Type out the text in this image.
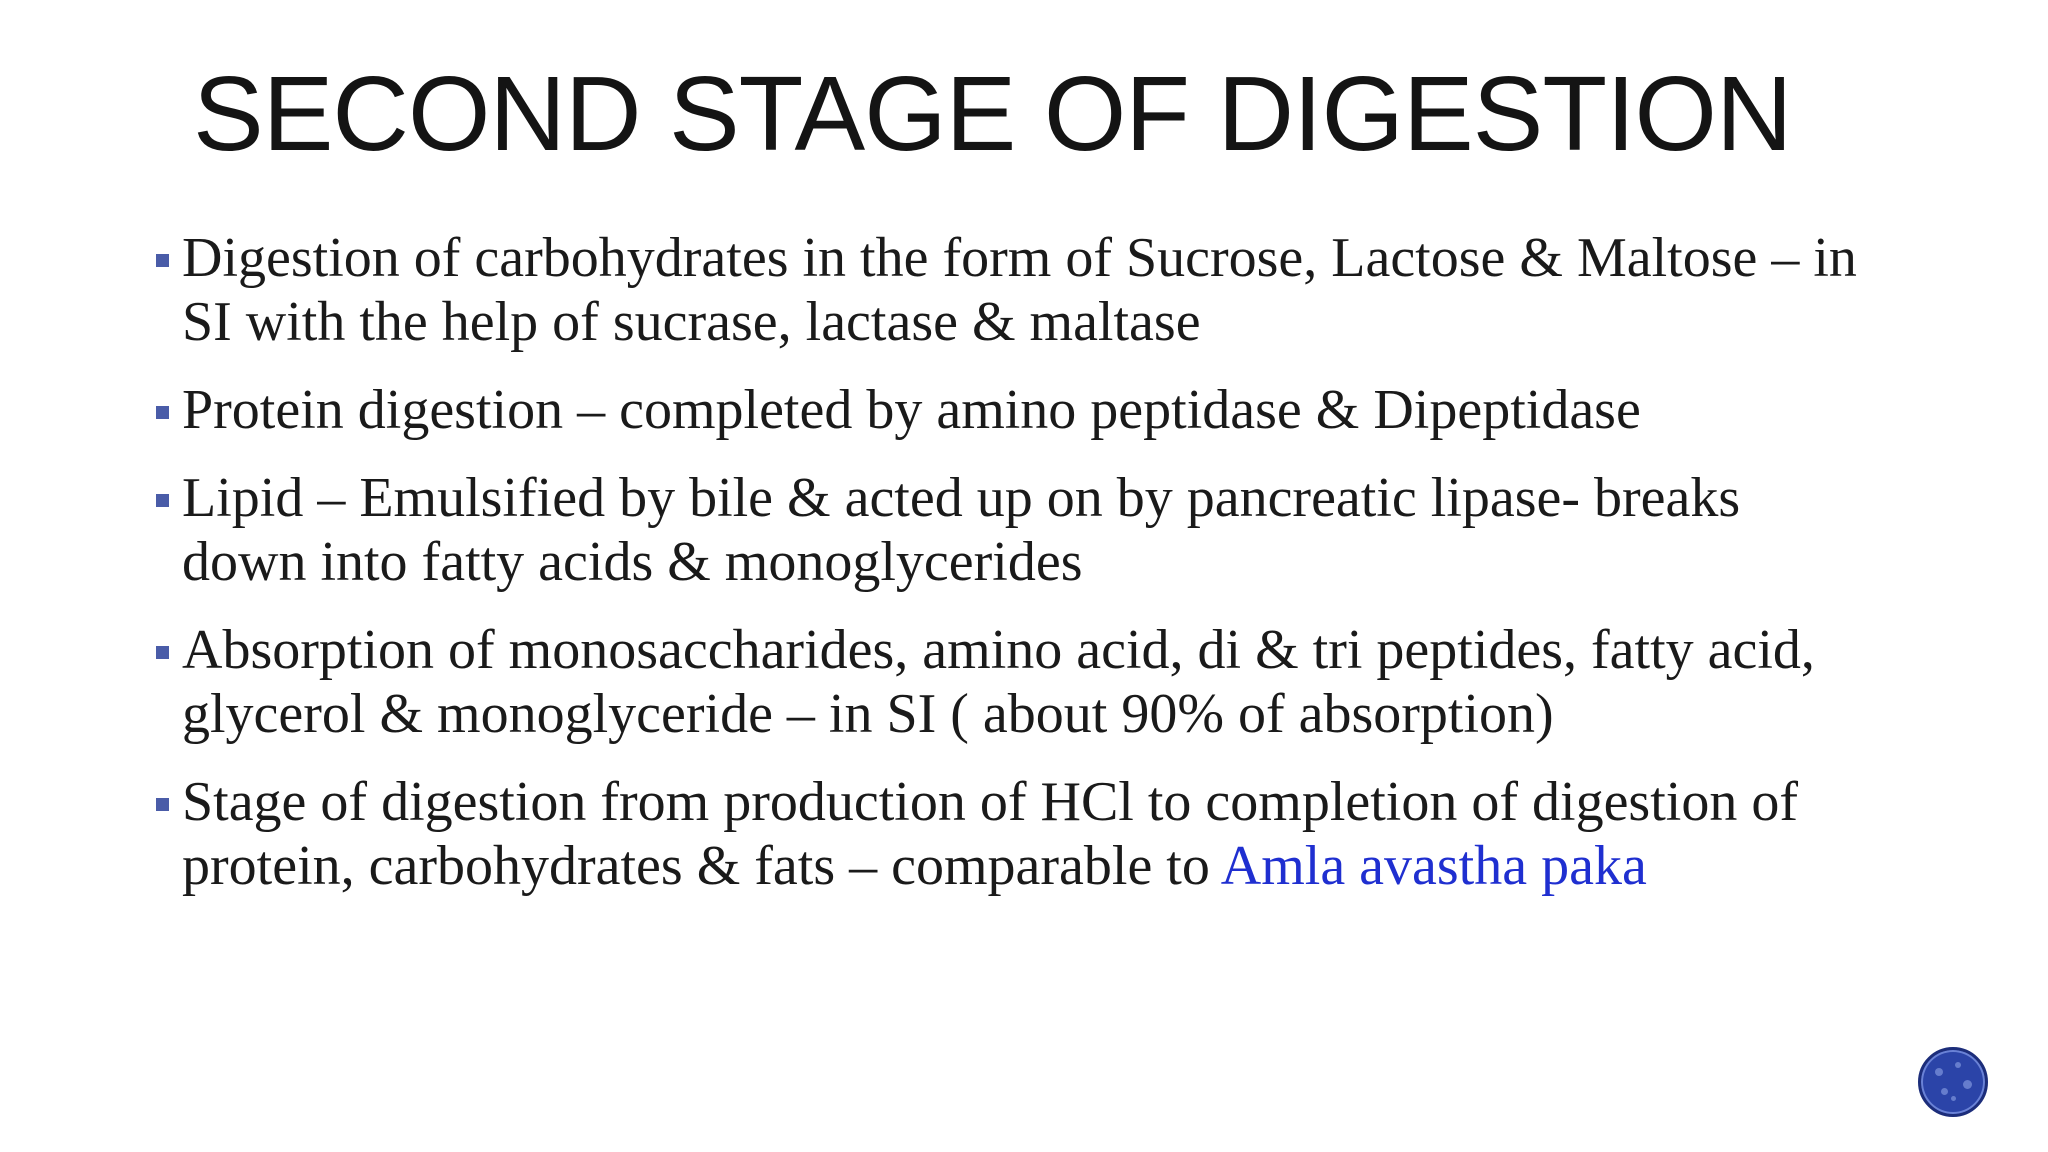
SECOND STAGE OF DIGESTION
Digestion of carbohydrates in the form of Sucrose, Lactose & Maltose – in SI with the help of sucrase, lactase & maltase
Protein digestion – completed by amino peptidase & Dipeptidase
Lipid – Emulsified by bile & acted up on by pancreatic lipase- breaks down into fatty acids & monoglycerides
Absorption of monosaccharides, amino acid, di & tri peptides, fatty acid, glycerol & monoglyceride – in SI ( about 90% of absorption)
Stage of digestion from production of HCl to completion of digestion of protein, carbohydrates & fats – comparable to Amla avastha paka
